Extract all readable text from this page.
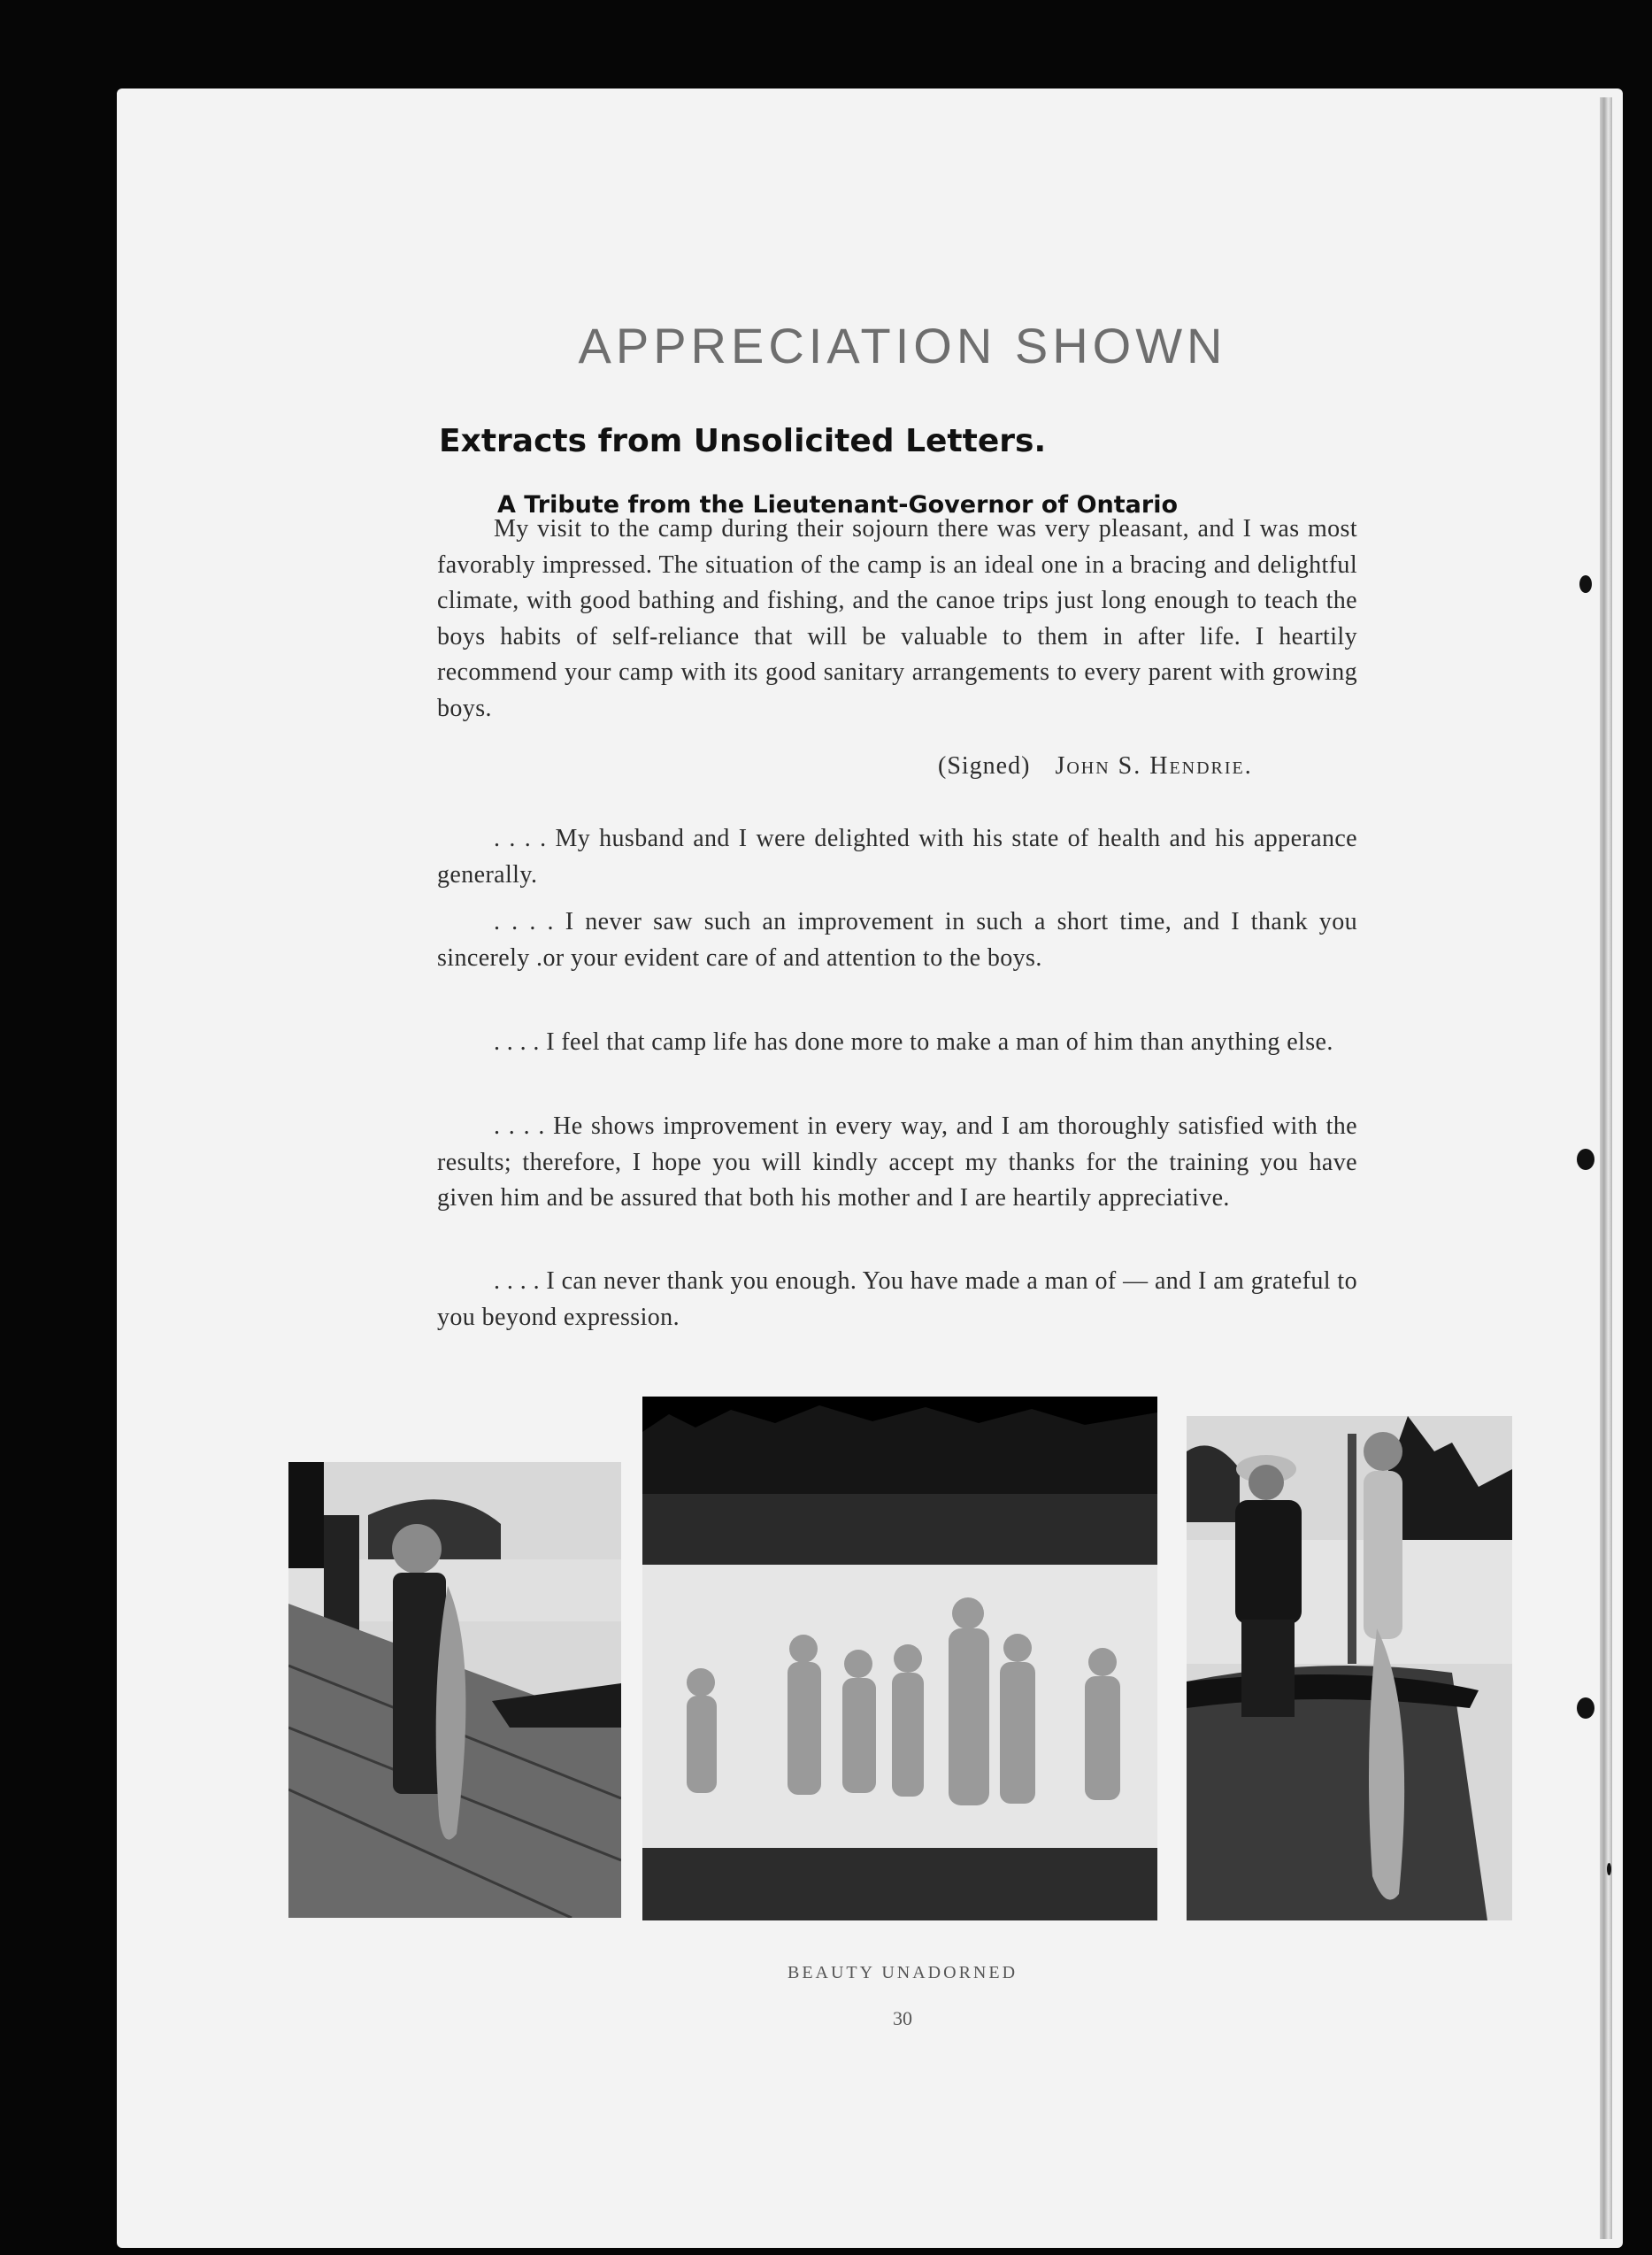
APPRECIATION SHOWN
Extracts from Unsolicited Letters.
A Tribute from the Lieutenant-Governor of Ontario

My visit to the camp during their sojourn there was very pleasant, and I was most favorably impressed. The situation of the camp is an ideal one in a bracing and delightful climate, with good bathing and fishing, and the canoe trips just long enough to teach the boys habits of self-reliance that will be valuable to them in after life. I heartily recommend your camp with its good sanitary arrangements to every parent with growing boys.

(Signed) John S. Hendrie.

. . . . My husband and I were delighted with his state of health and his apperance generally.

. . . . I never saw such an improvement in such a short time, and I thank you sincerely .or your evident care of and attention to the boys.

. . . . I feel that camp life has done more to make a man of him than anything else.

. . . . He shows improvement in every way, and I am thoroughly satisfied with the results; therefore, I hope you will kindly accept my thanks for the training you have given him and be assured that both his mother and I are heartily appreciative.

. . . . I can never thank you enough. You have made a man of — and I am grateful to you beyond expression.

BEAUTY UNADORNED
30
